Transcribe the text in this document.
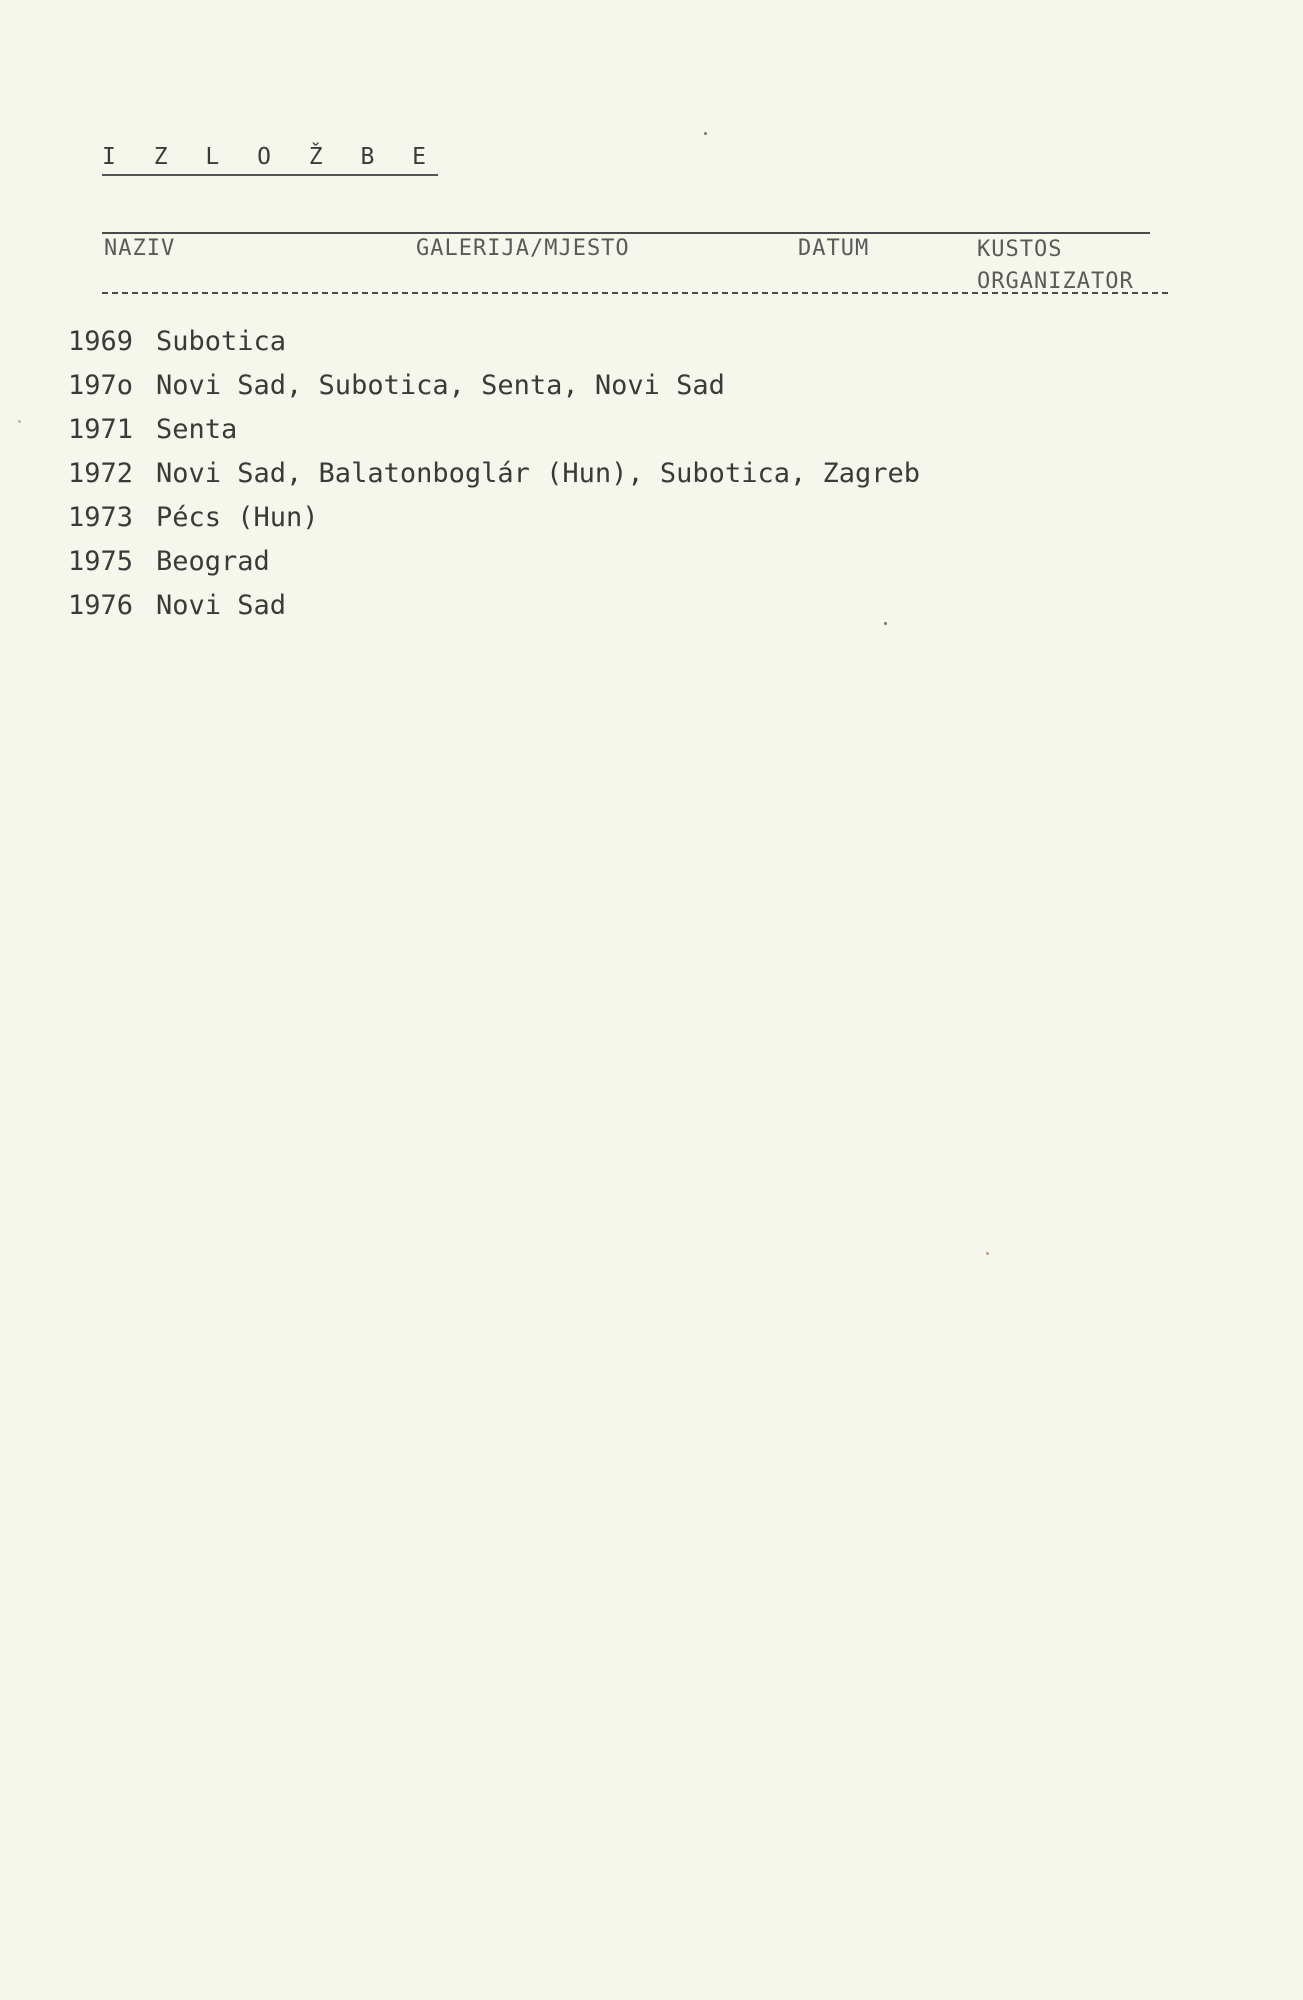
I Z L O Ž B E
NAZIV	GALERIJA/MJESTO	DATUM	KUSTOS
ORGANIZATOR
1969 Subotica
197o Novi Sad, Subotica, Senta, Novi Sad
1971 Senta
1972 Novi Sad, Balatonboglár (Hun), Subotica, Zagreb
1973 Pécs (Hun)
1975 Beograd
1976 Novi Sad
